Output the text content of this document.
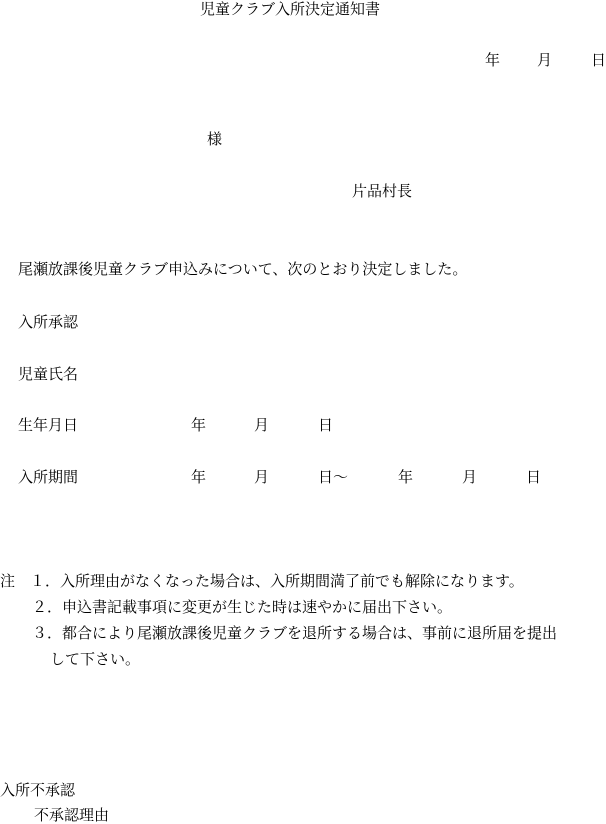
児童クラブ入所決定通知書
年 月	日
様
片品村長
尾瀬放課後児童クラブ申込みについて、次のとおり決定しました。
入所承認
児童氏名
生年月日	年	月	日
入所期間	年	月	日～	年	月	日
注　１．入所理由がなくなった場合は、入所期間満了前でも解除になります。
２．申込書記載事項に変更が生じた時は速やかに届出下さい。
３．都合により尾瀬放課後児童クラブを退所する場合は、事前に退所届を提出
して下さい。
入所不承認
不承認理由
